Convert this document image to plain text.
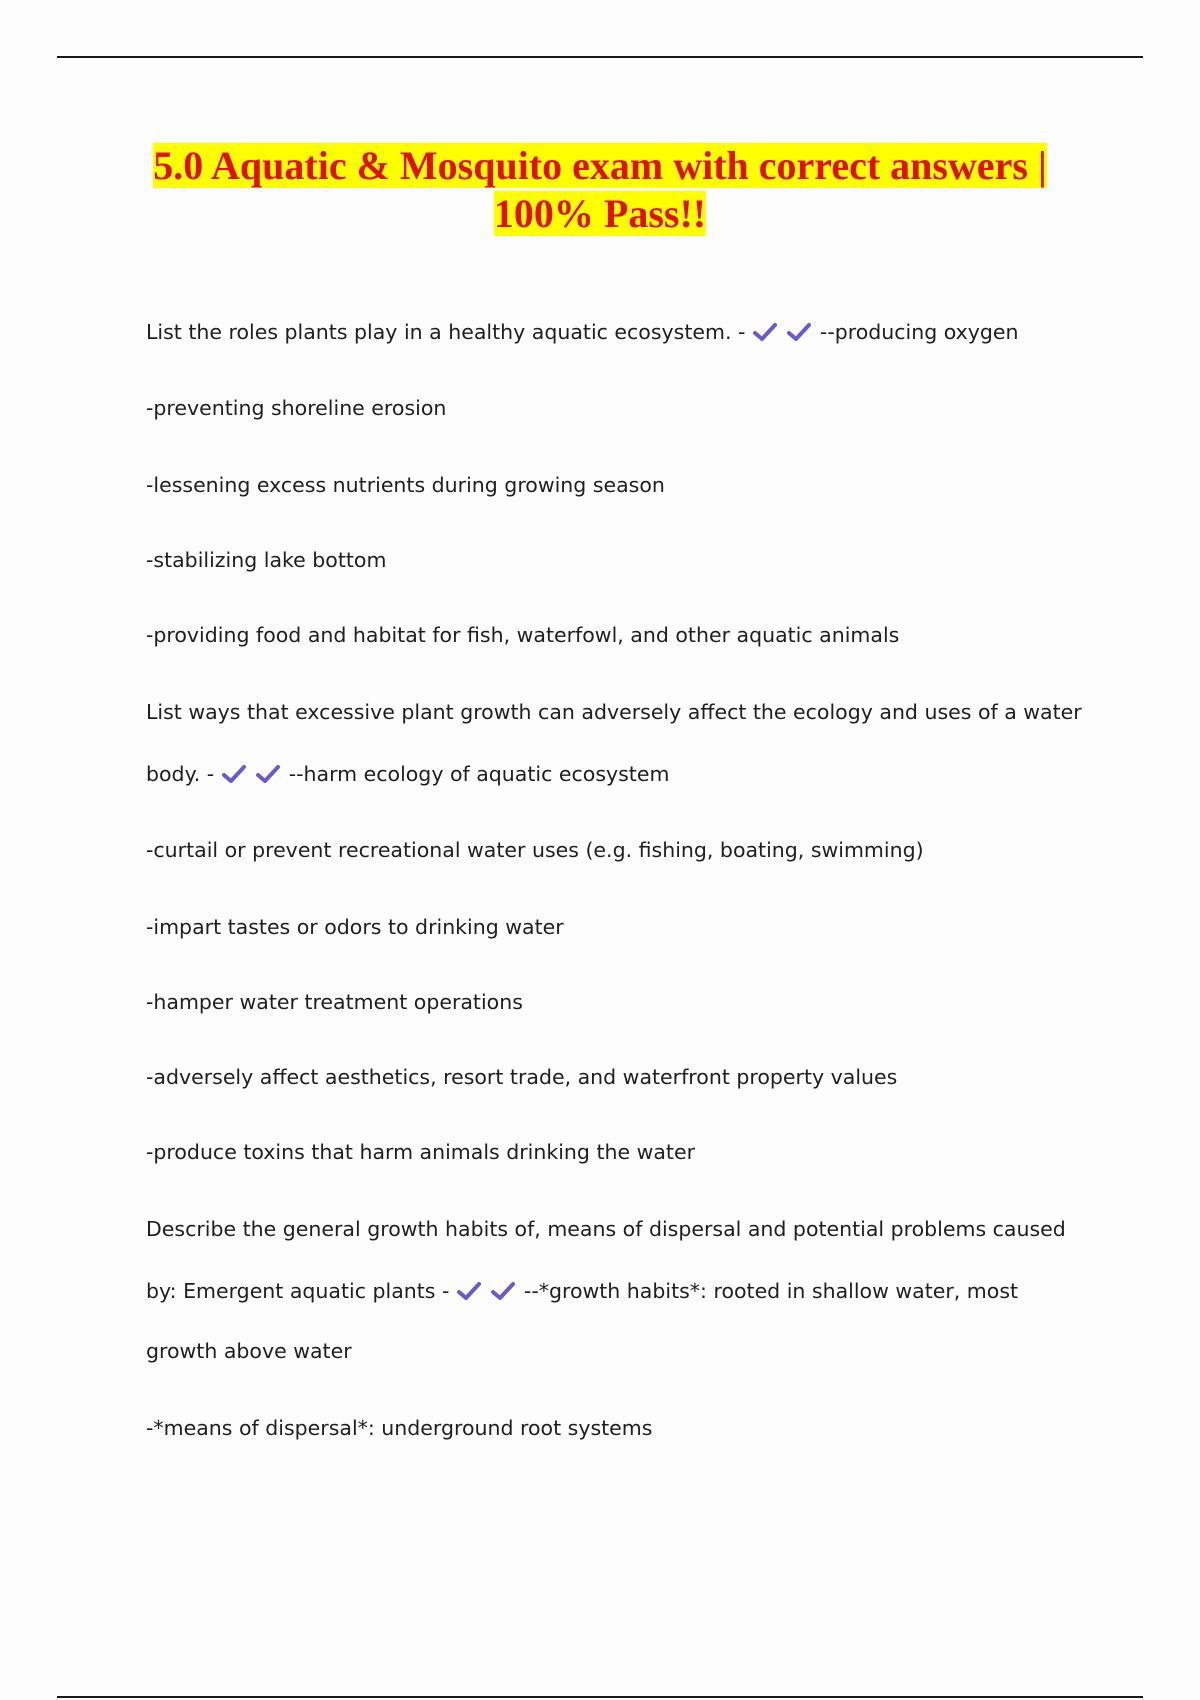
5.0 Aquatic & Mosquito exam with correct answers |
100% Pass!!
List the roles plants play in a healthy aquatic ecosystem. -	--producing oxygen
-preventing shoreline erosion
-lessening excess nutrients during growing season
-stabilizing lake bottom
-providing food and habitat for fish, waterfowl, and other aquatic animals
List ways that excessive plant growth can adversely affect the ecology and uses of a water
body. -	--harm ecology of aquatic ecosystem
-curtail or prevent recreational water uses (e.g. fishing, boating, swimming)
-impart tastes or odors to drinking water
-hamper water treatment operations
-adversely affect aesthetics, resort trade, and waterfront property values
-produce toxins that harm animals drinking the water
Describe the general growth habits of, means of dispersal and potential problems caused
by: Emergent aquatic plants -	--*growth habits*: rooted in shallow water, most
growth above water
-*means of dispersal*: underground root systems
